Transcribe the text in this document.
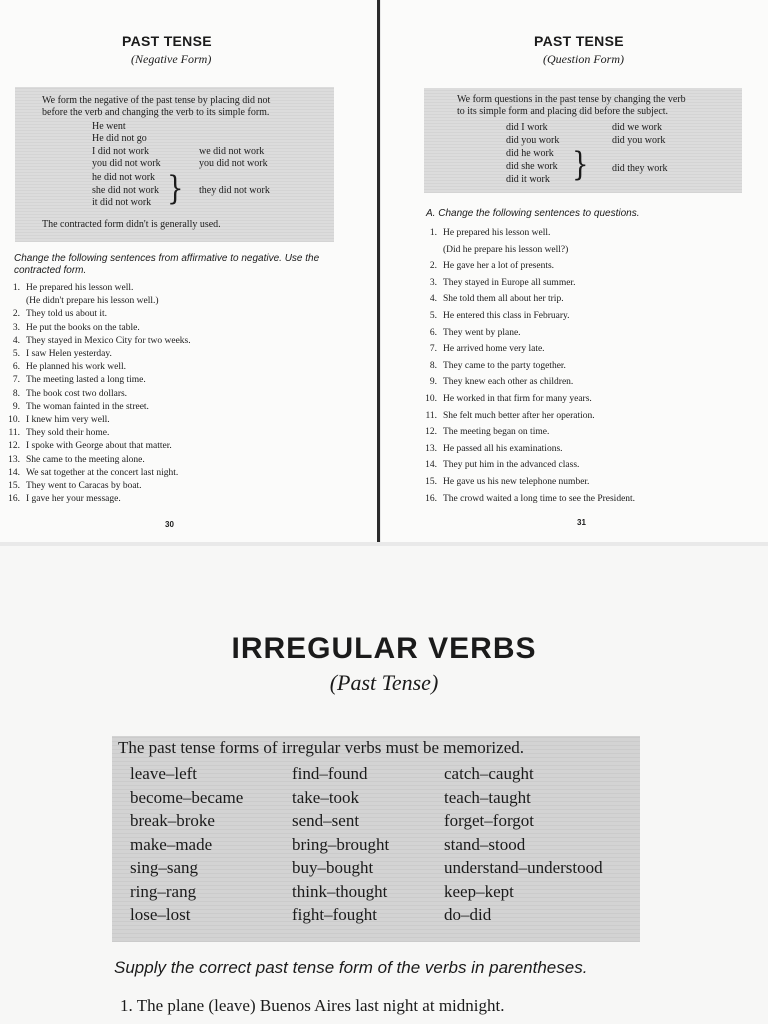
PAST TENSE
(Negative Form)
We form the negative of the past tense by placing did not
before the verb and changing the verb to its simple form.
He went
He did not go
I did not work
you did not work
he did not work
she did not work
it did not work }
we did not work
you did not work
they did not work
The contracted form didn't is generally used.
Change the following sentences from affirmative to negative. Use the contracted form.
1. He prepared his lesson well.
(He didn't prepare his lesson well.)
2. They told us about it.
3. He put the books on the table.
4. They stayed in Mexico City for two weeks.
5. I saw Helen yesterday.
6. He planned his work well.
7. The meeting lasted a long time.
8. The book cost two dollars.
9. The woman fainted in the street.
10. I knew him very well.
11. They sold their home.
12. I spoke with George about that matter.
13. She came to the meeting alone.
14. We sat together at the concert last night.
15. They went to Caracas by boat.
16. I gave her your message.
30
PAST TENSE
(Question Form)
We form questions in the past tense by changing the verb
to its simple form and placing did before the subject.
did I work
did you work
did he work
did she work
did it work }
did we work
did you work
did they work
A. Change the following sentences to questions.
1. He prepared his lesson well.
(Did he prepare his lesson well?)
2. He gave her a lot of presents.
3. They stayed in Europe all summer.
4. She told them all about her trip.
5. He entered this class in February.
6. They went by plane.
7. He arrived home very late.
8. They came to the party together.
9. They knew each other as children.
10. He worked in that firm for many years.
11. She felt much better after her operation.
12. The meeting began on time.
13. He passed all his examinations.
14. They put him in the advanced class.
15. He gave us his new telephone number.
16. The crowd waited a long time to see the President.
31
IRREGULAR VERBS
(Past Tense)
The past tense forms of irregular verbs must be memorized.
leave–left
become–became
break–broke
make–made
sing–sang
ring–rang
lose–lost
find–found
take–took
send–sent
bring–brought
buy–bought
think–thought
fight–fought
catch–caught
teach–taught
forget–forgot
stand–stood
understand–understood
keep–kept
do–did
Supply the correct past tense form of the verbs in parentheses.
1. The plane (leave) Buenos Aires last night at midnight.
